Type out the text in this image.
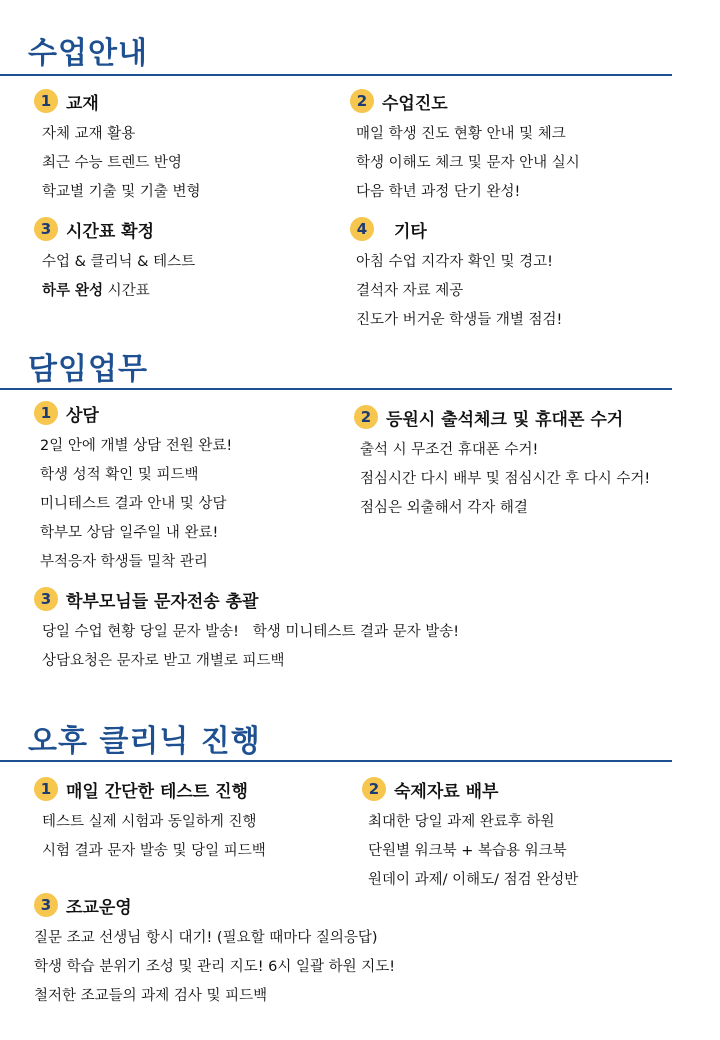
수업안내
1 교재
자체 교재 활용
최근 수능 트렌드 반영
학교별 기출 및 기출 변형
2 수업진도
매일 학생 진도 현황 안내 및 체크
학생 이해도 체크 및 문자 안내 실시
다음 학년 과정 단기 완성!
3 시간표 확정
수업 & 클리닉 & 테스트
하루 완성 시간표
4	기타
아침 수업 지각자 확인 및 경고!
결석자 자료 제공
진도가 버거운 학생들 개별 점검!
담임업무
1 상담
2일 안에 개별 상담 전원 완료!
학생 성적 확인 및 피드백
미니테스트 결과 안내 및 상담
학부모 상담 일주일 내 완료!
부적응자 학생들 밀착 관리
2 등원시 출석체크 및 휴대폰 수거
출석 시 무조건 휴대폰 수거!
점심시간 다시 배부 및 점심시간 후 다시 수거!
점심은 외출해서 각자 해결
3 학부모님들 문자전송 총괄
당일 수업 현황 당일 문자 발송!   학생 미니테스트 결과 문자 발송!
상담요청은 문자로 받고 개별로 피드백
오후 클리닉 진행
1 매일 간단한 테스트 진행
테스트 실제 시험과 동일하게 진행
시험 결과 문자 발송 및 당일 피드백
2 숙제자료 배부
최대한 당일 과제 완료후 하원
단원별 워크북 + 복습용 워크북
원데이 과제/ 이해도/ 점검 완성반
3 조교운영
질문 조교 선생님 항시 대기! (필요할 때마다 질의응답)
학생 학습 분위기 조성 및 관리 지도! 6시 일괄 하원 지도!
철저한 조교들의 과제 검사 및 피드백
